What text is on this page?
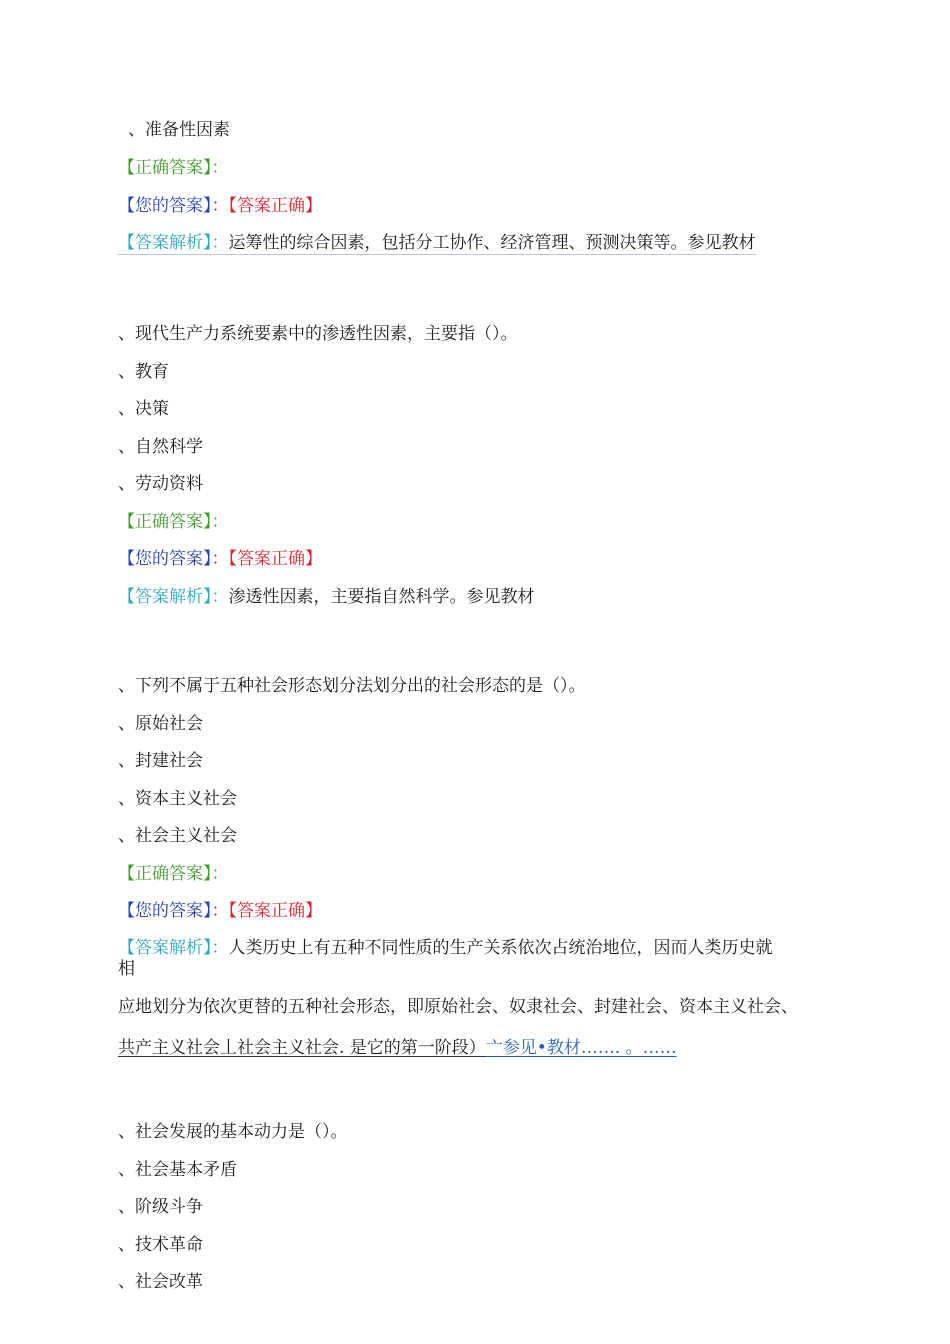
、准备性因素
【正确答案】：
【您的答案】：【答案正确】
【答案解析】：运筹性的综合因素，包括分工协作、经济管理、预测决策等。参见教材
、现代生产力系统要素中的渗透性因素，主要指（）。
、教育
、决策
、自然科学
、劳动资料
【正确答案】：
【您的答案】：【答案正确】
【答案解析】：渗透性因素，主要指自然科学。参见教材
、下列不属于五种社会形态划分法划分出的社会形态的是（）。
、原始社会
、封建社会
、资本主义社会
、社会主义社会
【正确答案】：
【您的答案】：【答案正确】
【答案解析】：人类历史上有五种不同性质的生产关系依次占统治地位，因而人类历史就
相
应地划分为依次更替的五种社会形态，即原始社会、奴隶社会、封建社会、资本主义社会、
共产主义社会丄社会主义社会. 是它的第一阶段）亠参见•教材……. 。……
、社会发展的基本动力是（）。
、社会基本矛盾
、阶级斗争
、技术革命
、社会改革
